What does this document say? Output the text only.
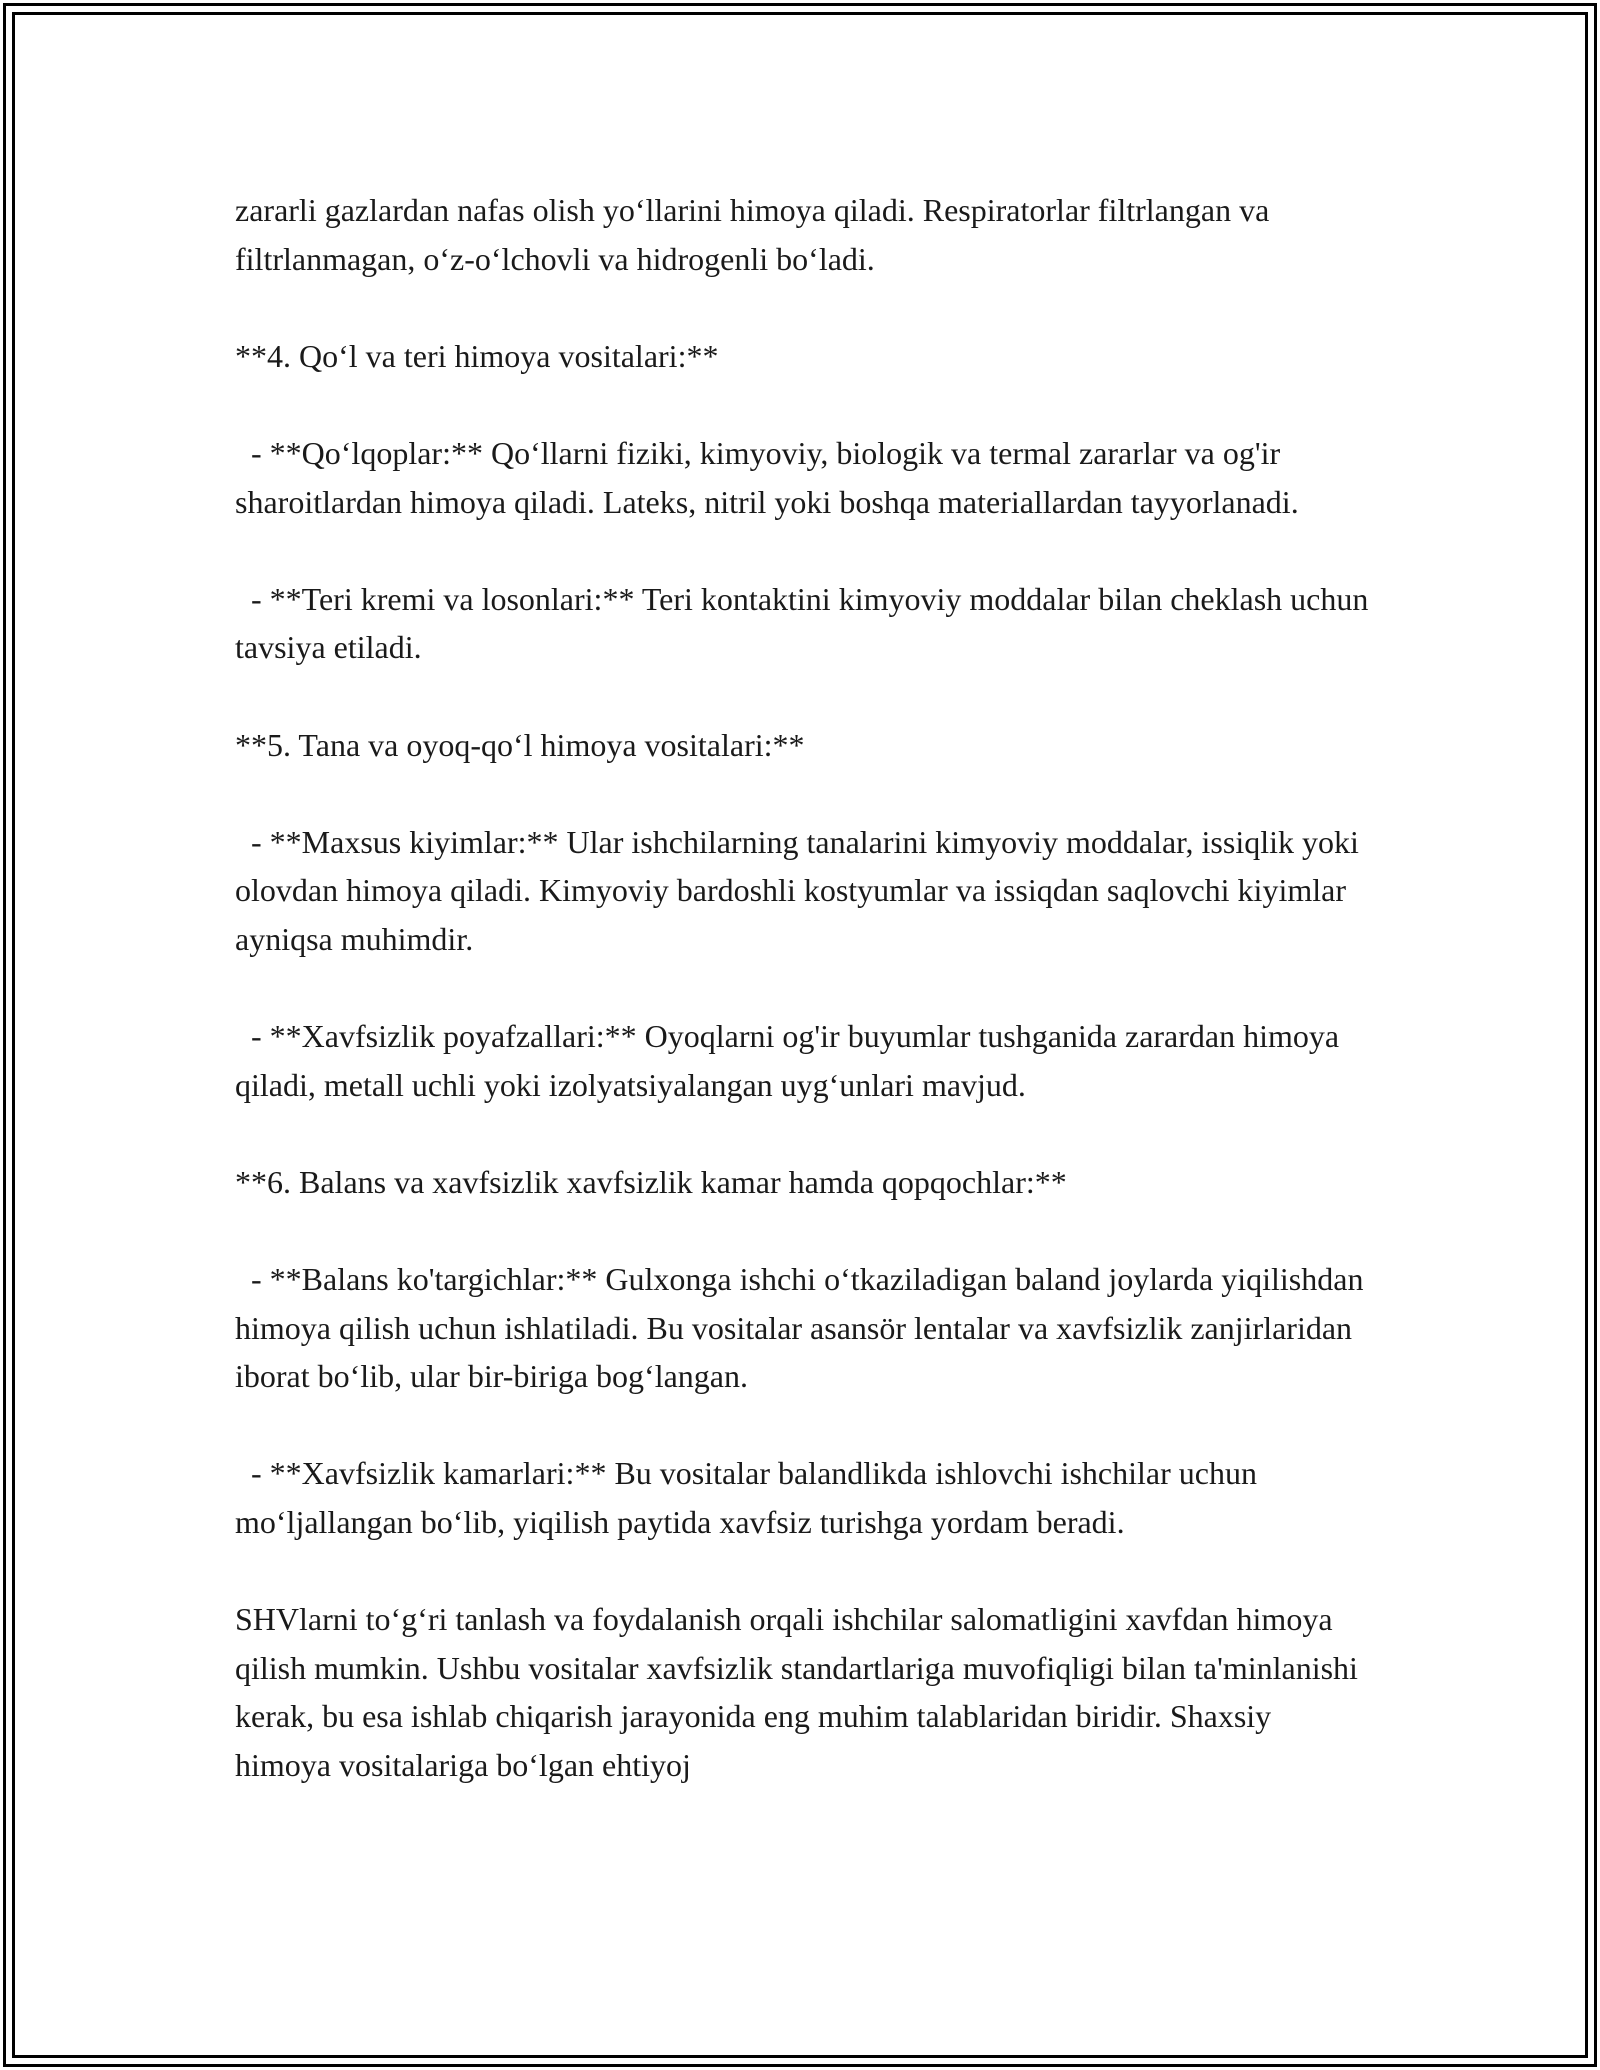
zararli gazlardan nafas olish yo‘llarini himoya qiladi. Respiratorlar filtrlangan va filtrlanmagan, o‘z-o‘lchovli va hidrogenli bo‘ladi.

**4. Qo‘l va teri himoya vositalari:**

- **Qo‘lqoplar:** Qo‘llarni fiziki, kimyoviy, biologik va termal zararlar va og'ir sharoitlardan himoya qiladi. Lateks, nitril yoki boshqa materiallardan tayyorlanadi.

- **Teri kremi va losonlari:** Teri kontaktini kimyoviy moddalar bilan cheklash uchun tavsiya etiladi.

**5. Tana va oyoq-qo‘l himoya vositalari:**

- **Maxsus kiyimlar:** Ular ishchilarning tanalarini kimyoviy moddalar, issiqlik yoki olovdan himoya qiladi. Kimyoviy bardoshli kostyumlar va issiqdan saqlovchi kiyimlar ayniqsa muhimdir.

- **Xavfsizlik poyafzallari:** Oyoqlarni og'ir buyumlar tushganida zarardan himoya qiladi, metall uchli yoki izolyatsiyalangan uyg‘unlari mavjud.

**6. Balans va xavfsizlik xavfsizlik kamar hamda qopqochlar:**

- **Balans ko'targichlar:** Gulxonga ishchi o‘tkaziladigan baland joylarda yiqilishdan himoya qilish uchun ishlatiladi. Bu vositalar asansör lentalar va xavfsizlik zanjirlaridan iborat bo‘lib, ular bir-biriga bog‘langan.

- **Xavfsizlik kamarlari:** Bu vositalar balandlikda ishlovchi ishchilar uchun mo‘ljallangan bo‘lib, yiqilish paytida xavfsiz turishga yordam beradi.

SHVlarni to‘g‘ri tanlash va foydalanish orqali ishchilar salomatligini xavfdan himoya qilish mumkin. Ushbu vositalar xavfsizlik standartlariga muvofiqligi bilan ta'minlanishi kerak, bu esa ishlab chiqarish jarayonida eng muhim talablaridan biridir. Shaxsiy himoya vositalariga bo‘lgan ehtiyoj
